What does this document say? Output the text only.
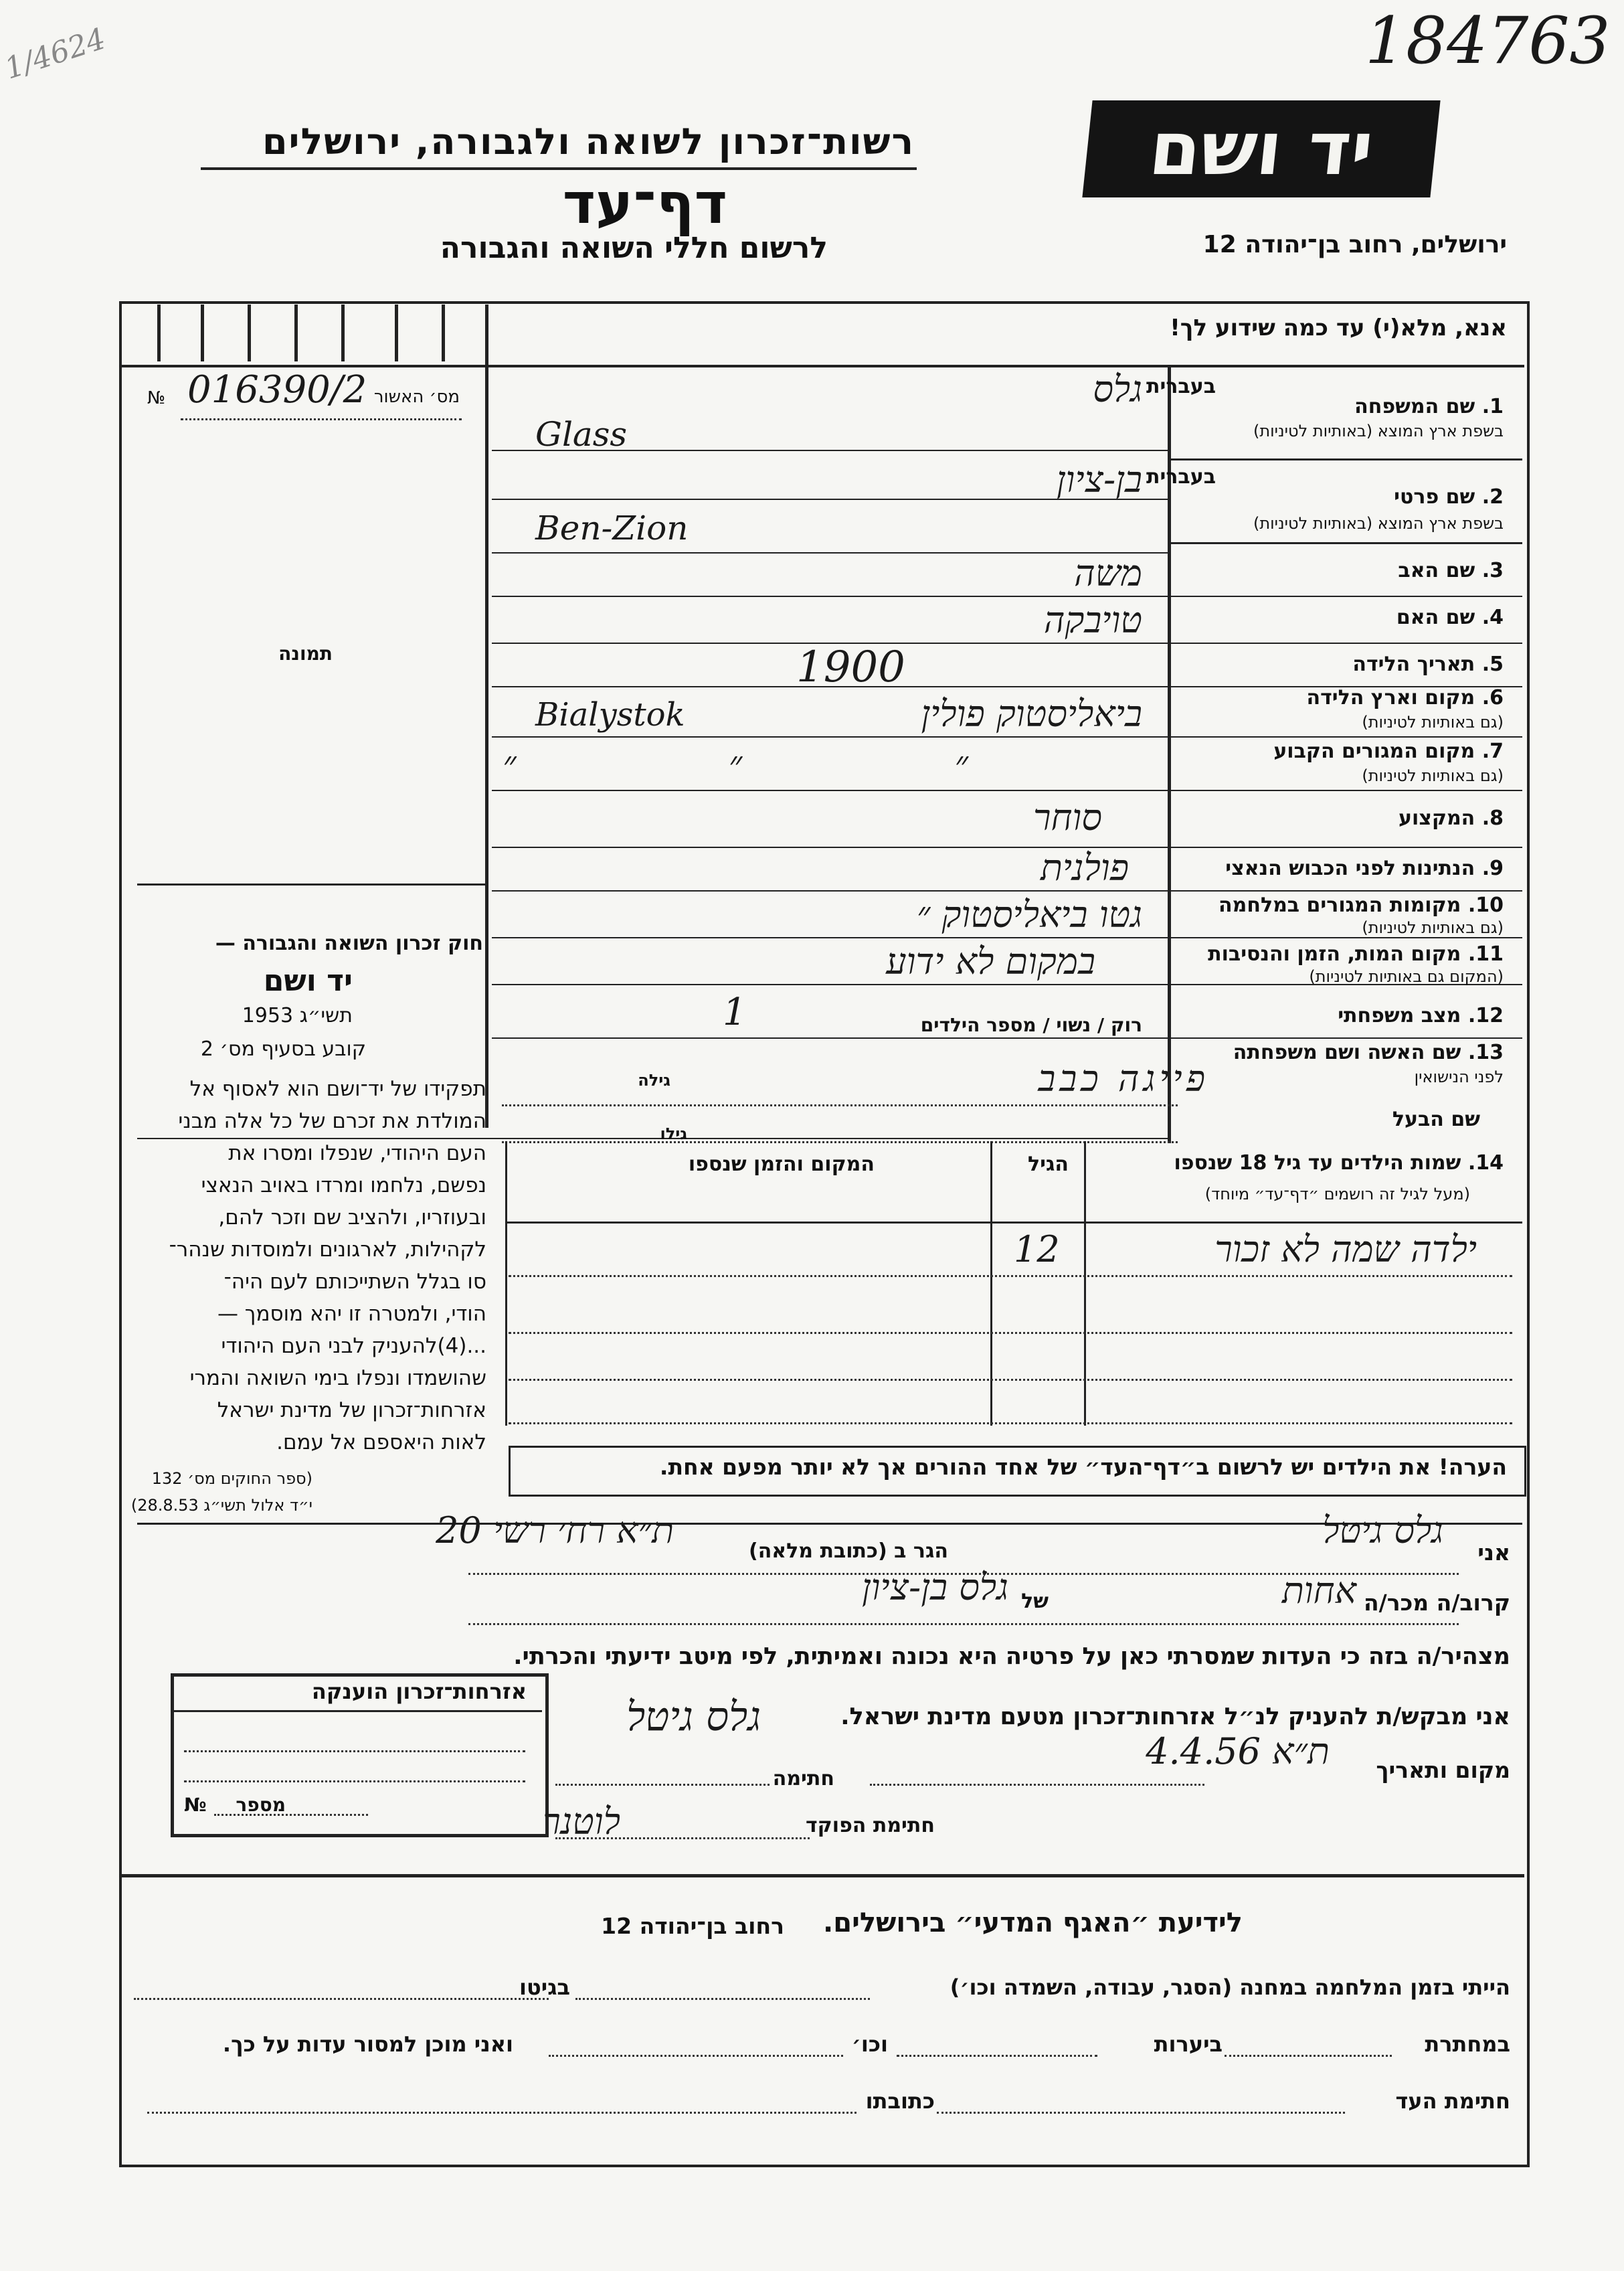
184763
1/4624
יד ושם
רשות־זכרון לשואה ולגבורה, ירושלים
דף־עד
לרשום חללי השואה והגבורה	ירושלים, רחוב בן־יהודה 12
אנא, מלא(י) עד כמה שידוע לך!
№ 016390/2 מס׳ האשור
תמונה
חוק זכרון השואה והגבורה —
יד ושם
תשי״ג 1953
קובע בסעיף מס׳ 2
תפקידו של יד־ושם הוא לאסוף אל
המולדת את זכרם של כל אלה מבני
העם היהודי, שנפלו ומסרו את
נפשם, נלחמו ומרדו באויב הנאצי
ובעוזריו, ולהציב שם וזכר להם,
לקהילות, לארגונים ולמוסדות שנהר־
סו בגלל השתייכותם לעם היה־
הודי, ולמטרה זו יהא מוסמך —
...(4)להעניק לבני העם היהודי
שהושמדו ונפלו בימי השואה והמרי
אזרחות־זכרון של מדינת ישראל
לאות היאספם אל עמם.
(ספר החוקים מס׳ 132
י״ד אלול תשי״ג 28.8.53)
1. שם המשפחה
בשפת ארץ המוצא (באותיות לטיניות)
בעברית
גלס
Glass
2. שם פרטי
בשפת ארץ המוצא (באותיות לטיניות)
בעברית
בן-ציון
Ben-Zion
3. שם האב
משה
4. שם האם
טויבקה
5. תאריך הלידה
1900
6. מקום וארץ הלידה
(גם באותיות לטיניות)
ביאליסטוק פולין
Bialystok
7. מקום המגורים הקבוע
(גם באותיות לטיניות)
״ ״ ״
8. המקצוע
סוחר
9. הנתינות לפני הכבוש הנאצי
פולנית
10. מקומות המגורים במלחמה
(גם באותיות לטיניות)
גטו ביאליסטוק ״
11. מקום המות, הזמן והנסיבות
(המקום גם באותיות לטיניות)
במקום לא ידוע
12. מצב משפחתי
רוק / נשוי / מספר הילדים
1
13. שם האשה ושם משפחתה
לפני הנישואין
גילה	פייגה כבב
שם הבעל
גילו
14. שמות הילדים עד גיל 18 שנספו
(מעל לגיל זה רושמים ״דף־עד״ מיוחד)
הגיל
המקום והזמן שנספו
ילדה שמה לא זכור
12
הערה! את הילדים יש לרשום ב״דף־העד״ של אחד ההורים אך לא יותר מפעם אחת.
אני
גלס גיטל
הגר ב (כתובת מלאה)
ת״א רח׳ רשי 20
קרוב/ה מכר/ה
אחות
של
גלס בן-ציון
מצהיר/ה בזה כי העדות שמסרתי כאן על פרטיה היא נכונה ואמיתית, לפי מיטב ידיעתי והכרתי.
אזרחות־זכרון הוענקה
№ מספר
אני מבקש/ת להעניק לנ״ל אזרחות־זכרון מטעם מדינת ישראל.
גלס גיטל
מקום ותאריך
ת״א 4.4.56
חתימה
חתימת הפוקד
לוטנר
לידיעת ״האגף המדעי״ בירושלים.
רחוב בן־יהודה 12
הייתי בזמן המלחמה במחנה (הסגר, עבודה, השמדה וכו׳)
בגיטו
במחתרת
ביערות
וכו׳
ואני מוכן למסור עדות על כך.
חתימת העד
כתובתו
